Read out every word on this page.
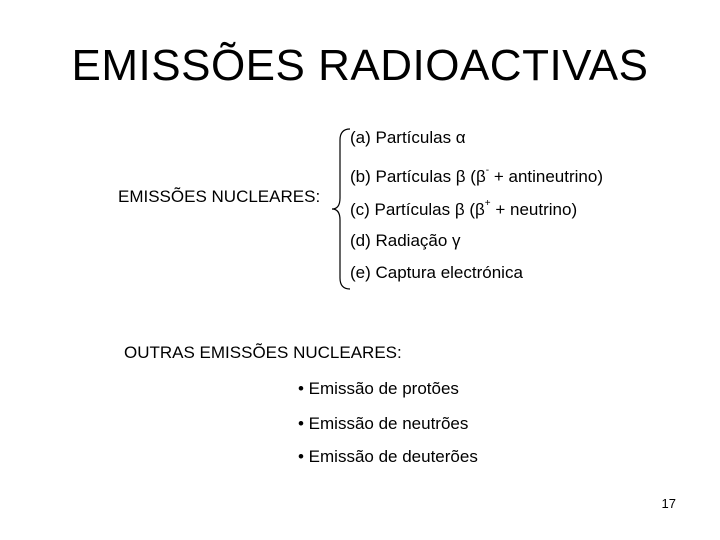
EMISSÕES RADIOACTIVAS
EMISSÕES NUCLEARES:
(a) Partículas α
(b) Partículas β (β- + antineutrino)
(c) Partículas β (β+ + neutrino)
(d) Radiação γ
(e) Captura electrónica
OUTRAS EMISSÕES NUCLEARES:
• Emissão de protões
• Emissão de neutrões
• Emissão de deuterões
17
